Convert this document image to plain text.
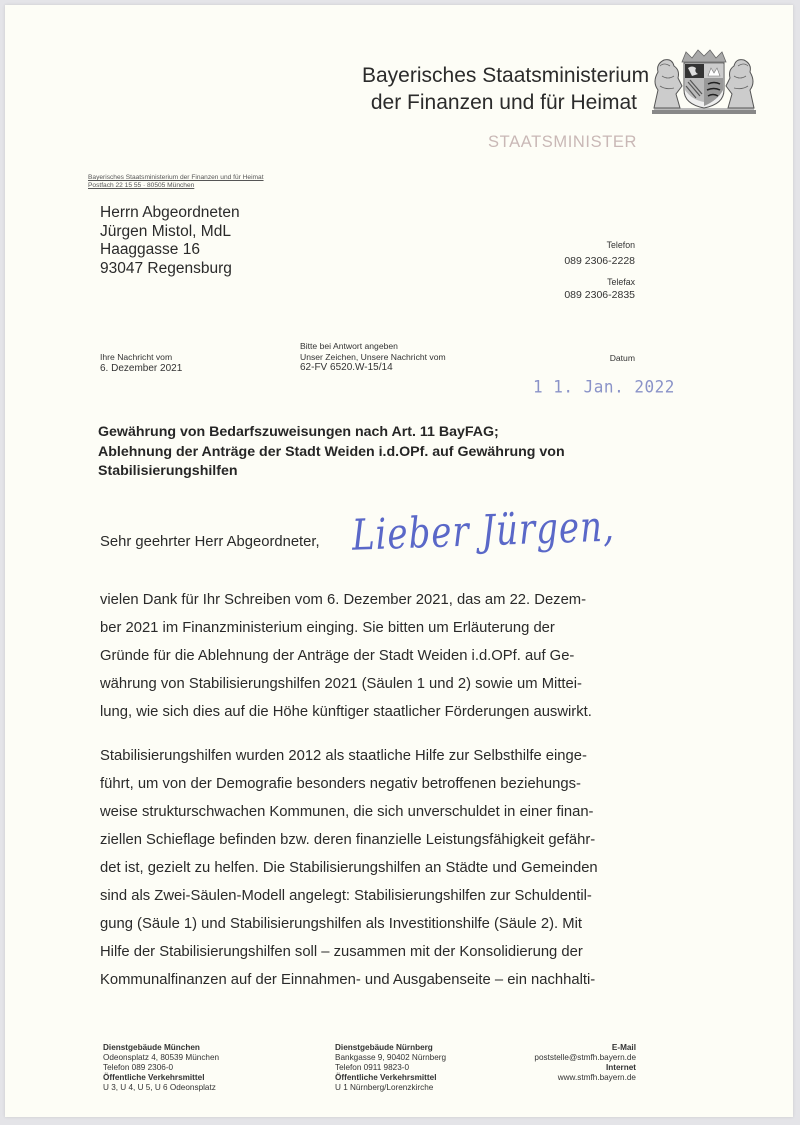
Bayerisches Staatsministerium
der Finanzen und für Heimat
STAATSMINISTER
Bayerisches Staatsministerium der Finanzen und für Heimat
Postfach 22 15 55 · 80505 München
Herrn Abgeordneten
Jürgen Mistol, MdL
Haaggasse 16
93047 Regensburg
Telefon
089 2306-2228
Telefax
089 2306-2835
Ihre Nachricht vom
6. Dezember 2021
Bitte bei Antwort angeben
Unser Zeichen, Unsere Nachricht vom
62-FV 6520.W-15/14
Datum
1 1. Jan. 2022
Gewährung von Bedarfszuweisungen nach Art. 11 BayFAG;
Ablehnung der Anträge der Stadt Weiden i.d.OPf. auf Gewährung von
Stabilisierungshilfen
Sehr geehrter Herr Abgeordneter, Lieber Jürgen,
vielen Dank für Ihr Schreiben vom 6. Dezember 2021, das am 22. Dezem-
ber 2021 im Finanzministerium einging. Sie bitten um Erläuterung der
Gründe für die Ablehnung der Anträge der Stadt Weiden i.d.OPf. auf Ge-
währung von Stabilisierungshilfen 2021 (Säulen 1 und 2) sowie um Mittei-
lung, wie sich dies auf die Höhe künftiger staatlicher Förderungen auswirkt.
Stabilisierungshilfen wurden 2012 als staatliche Hilfe zur Selbsthilfe einge-
führt, um von der Demografie besonders negativ betroffenen beziehungs-
weise strukturschwachen Kommunen, die sich unverschuldet in einer finan-
ziellen Schieflage befinden bzw. deren finanzielle Leistungsfähigkeit gefähr-
det ist, gezielt zu helfen. Die Stabilisierungshilfen an Städte und Gemeinden
sind als Zwei-Säulen-Modell angelegt: Stabilisierungshilfen zur Schuldentil-
gung (Säule 1) und Stabilisierungshilfen als Investitionshilfe (Säule 2). Mit
Hilfe der Stabilisierungshilfen soll – zusammen mit der Konsolidierung der
Kommunalfinanzen auf der Einnahmen- und Ausgabenseite – ein nachhalti-
Dienstgebäude München
Odeonsplatz 4, 80539 München
Telefon 089 2306-0
Öffentliche Verkehrsmittel
U 3, U 4, U 5, U 6 Odeonsplatz
Dienstgebäude Nürnberg
Bankgasse 9, 90402 Nürnberg
Telefon 0911 9823-0
Öffentliche Verkehrsmittel
U 1 Nürnberg/Lorenzkirche
E-Mail
poststelle@stmfh.bayern.de
Internet
www.stmfh.bayern.de
